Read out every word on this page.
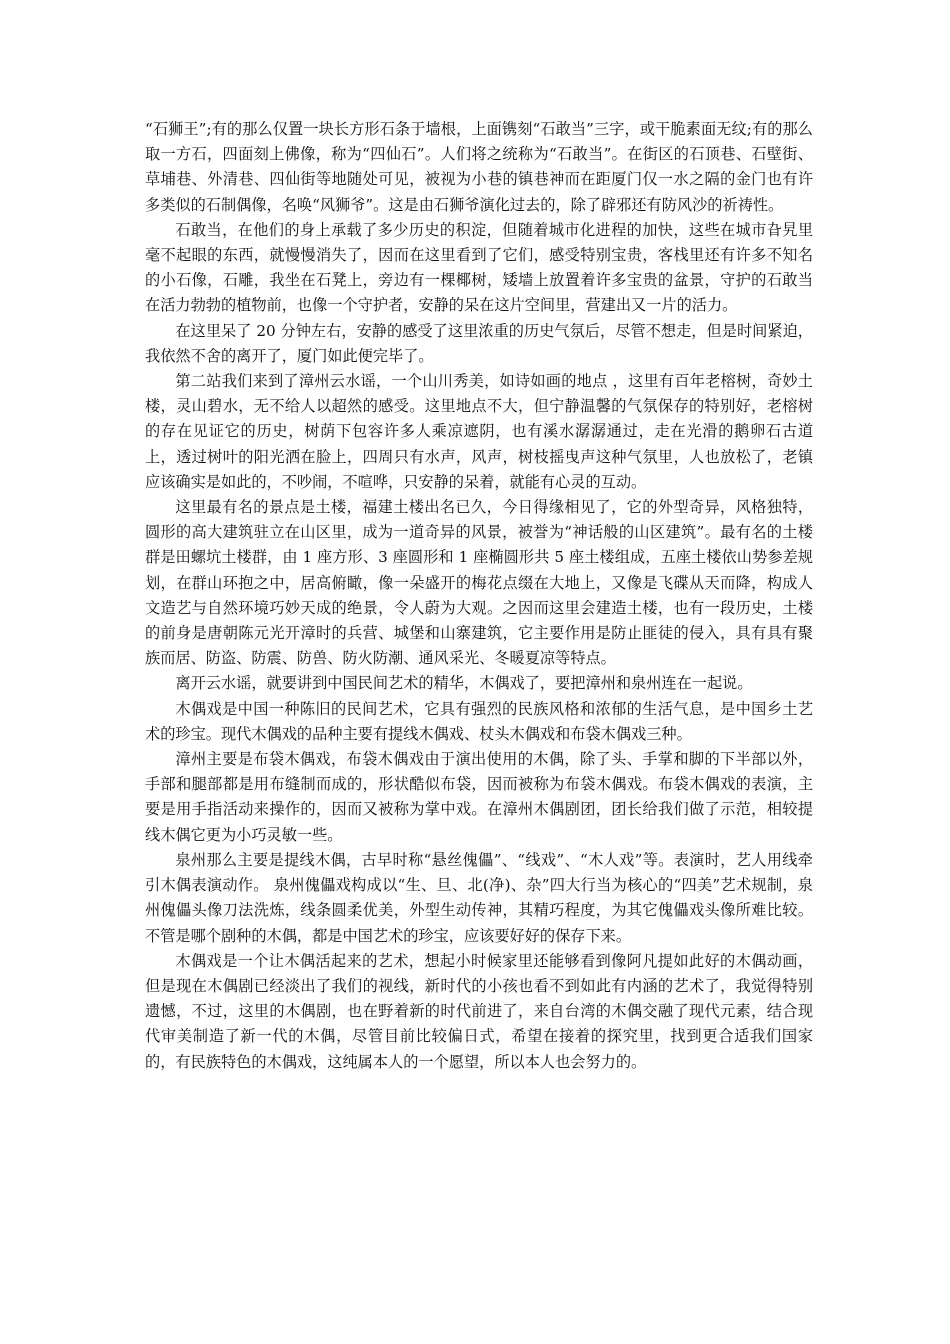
“石狮王”;有的那么仅置一块长方形石条于墙根，上面镌刻“石敢当”三字，或干脆素面无纹;有的那么取一方石，四面刻上佛像，称为“四仙石”。人们将之统称为“石敢当”。在街区的石顶巷、石壁街、草埔巷、外清巷、四仙街等地随处可见，被视为小巷的镇巷神而在距厦门仅一水之隔的金门也有许多类似的石制偶像，名唤“风狮爷”。这是由石狮爷演化过去的，除了辟邪还有防风沙的祈祷性。

石敢当，在他们的身上承载了多少历史的积淀，但随着城市化进程的加快，这些在城市旮旯里毫不起眼的东西，就慢慢消失了，因而在这里看到了它们，感受特别宝贵，客栈里还有许多不知名的小石像，石雕，我坐在石凳上，旁边有一棵椰树，矮墙上放置着许多宝贵的盆景，守护的石敢当在活力勃勃的植物前，也像一个守护者，安静的呆在这片空间里，营建出又一片的活力。

在这里呆了 20 分钟左右，安静的感受了这里浓重的历史气氛后，尽管不想走，但是时间紧迫，我依然不舍的离开了，厦门如此便完毕了。

第二站我们来到了漳州云水谣，一个山川秀美，如诗如画的地点 ，这里有百年老榕树，奇妙土楼，灵山碧水，无不给人以超然的感受。这里地点不大，但宁静温馨的气氛保存的特别好，老榕树的存在见证它的历史，树荫下包容许多人乘凉遮阴，也有溪水潺潺通过，走在光滑的鹅卵石古道上，透过树叶的阳光洒在脸上，四周只有水声，风声，树枝摇曳声这种气氛里，人也放松了，老镇应该确实是如此的，不吵闹，不喧哗，只安静的呆着，就能有心灵的互动。

这里最有名的景点是土楼，福建土楼出名已久，今日得缘相见了，它的外型奇异，风格独特，圆形的高大建筑驻立在山区里，成为一道奇异的风景，被誉为“神话般的山区建筑”。最有名的土楼群是田螺坑土楼群，由 1 座方形、3 座圆形和 1 座椭圆形共 5 座土楼组成，五座土楼依山势参差规划，在群山环抱之中，居高俯瞰，像一朵盛开的梅花点缀在大地上，又像是飞碟从天而降，构成人文造艺与自然环境巧妙天成的绝景，令人蔚为大观。之因而这里会建造土楼，也有一段历史，土楼的前身是唐朝陈元光开漳时的兵营、城堡和山寨建筑，它主要作用是防止匪徒的侵入，具有具有聚族而居、防盗、防震、防兽、防火防潮、通风采光、冬暖夏凉等特点。

离开云水谣，就要讲到中国民间艺术的精华，木偶戏了，要把漳州和泉州连在一起说。

木偶戏是中国一种陈旧的民间艺术，它具有强烈的民族风格和浓郁的生活气息，是中国乡土艺术的珍宝。现代木偶戏的品种主要有提线木偶戏、杖头木偶戏和布袋木偶戏三种。

漳州主要是布袋木偶戏，布袋木偶戏由于演出使用的木偶，除了头、手掌和脚的下半部以外，手部和腿部都是用布缝制而成的，形状酷似布袋，因而被称为布袋木偶戏。布袋木偶戏的表演，主要是用手指活动来操作的，因而又被称为掌中戏。在漳州木偶剧团，团长给我们做了示范，相较提线木偶它更为小巧灵敏一些。

泉州那么主要是提线木偶，古早时称“悬丝傀儡”、“线戏”、“木人戏”等。表演时，艺人用线牵引木偶表演动作。 泉州傀儡戏构成以“生、旦、北(净)、杂”四大行当为核心的“四美”艺术规制，泉州傀儡头像刀法洗炼，线条圆柔优美，外型生动传神，其精巧程度，为其它傀儡戏头像所难比较。不管是哪个剧种的木偶，都是中国艺术的珍宝，应该要好好的保存下来。

木偶戏是一个让木偶活起来的艺术，想起小时候家里还能够看到像阿凡提如此好的木偶动画，但是现在木偶剧已经淡出了我们的视线，新时代的小孩也看不到如此有内涵的艺术了，我觉得特别遗憾，不过，这里的木偶剧，也在野着新的时代前进了，来自台湾的木偶交融了现代元素，结合现代审美制造了新一代的木偶，尽管目前比较偏日式，希望在接着的探究里，找到更合适我们国家的，有民族特色的木偶戏，这纯属本人的一个愿望，所以本人也会努力的。
